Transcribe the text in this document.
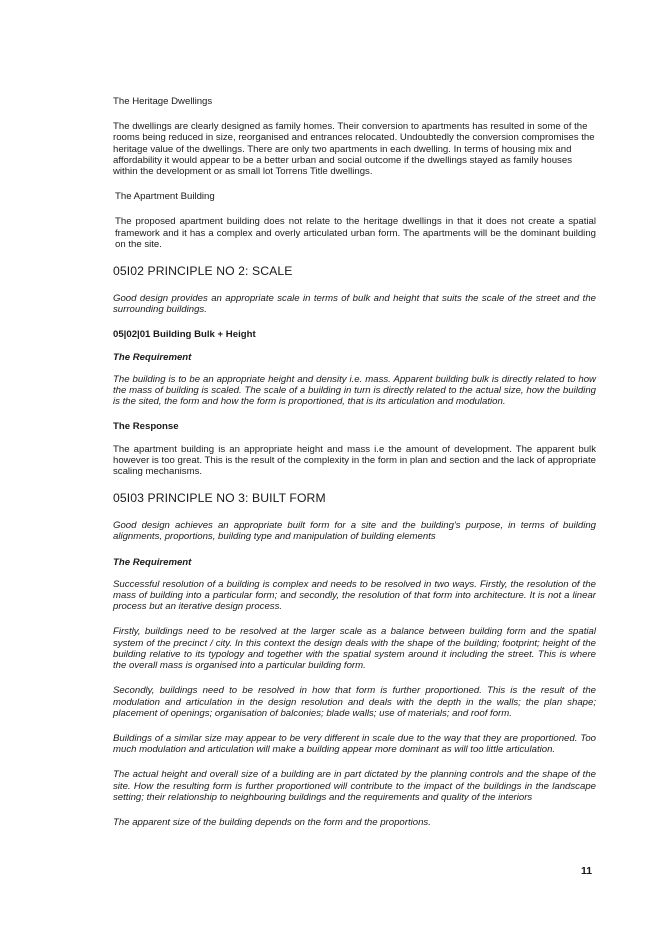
The Heritage Dwellings

The dwellings are clearly designed as family homes. Their conversion to apartments has resulted in some of the rooms being reduced in size, reorganised and entrances relocated. Undoubtedly the conversion compromises the heritage value of the dwellings. There are only two apartments in each dwelling. In terms of housing mix and affordability it would appear to be a better urban and social outcome if the dwellings stayed as family houses within the development or as small lot Torrens Title dwellings.

The Apartment Building

The proposed apartment building does not relate to the heritage dwellings in that it does not create a spatial framework and it has a complex and overly articulated urban form. The apartments will be the dominant building on the site.

05I02 PRINCIPLE NO 2: SCALE

Good design provides an appropriate scale in terms of bulk and height that suits the scale of the street and the surrounding buildings.

05|02|01 Building Bulk + Height

The Requirement

The building is to be an appropriate height and density i.e. mass. Apparent building bulk is directly related to how the mass of building is scaled. The scale of a building in turn is directly related to the actual size, how the building is the sited, the form and how the form is proportioned, that is its articulation and modulation.

The Response

The apartment building is an appropriate height and mass i.e the amount of development. The apparent bulk however is too great. This is the result of the complexity in the form in plan and section and the lack of appropriate scaling mechanisms.

05I03 PRINCIPLE NO 3: BUILT FORM

Good design achieves an appropriate built form for a site and the building's purpose, in terms of building alignments, proportions, building type and manipulation of building elements

The Requirement

Successful resolution of a building is complex and needs to be resolved in two ways. Firstly, the resolution of the mass of building into a particular form; and secondly, the resolution of that form into architecture. It is not a linear process but an iterative design process.

Firstly, buildings need to be resolved at the larger scale as a balance between building form and the spatial system of the precinct / city. In this context the design deals with the shape of the building; footprint; height of the building relative to its typology and together with the spatial system around it including the street. This is where the overall mass is organised into a particular building form.

Secondly, buildings need to be resolved in how that form is further proportioned. This is the result of the modulation and articulation in the design resolution and deals with the depth in the walls; the plan shape; placement of openings; organisation of balconies; blade walls; use of materials; and roof form.

Buildings of a similar size may appear to be very different in scale due to the way that they are proportioned. Too much modulation and articulation will make a building appear more dominant as will too little articulation.

The actual height and overall size of a building are in part dictated by the planning controls and the shape of the site. How the resulting form is further proportioned will contribute to the impact of the buildings in the landscape setting; their relationship to neighbouring buildings and the requirements and quality of the interiors

The apparent size of the building depends on the form and the proportions.

11
